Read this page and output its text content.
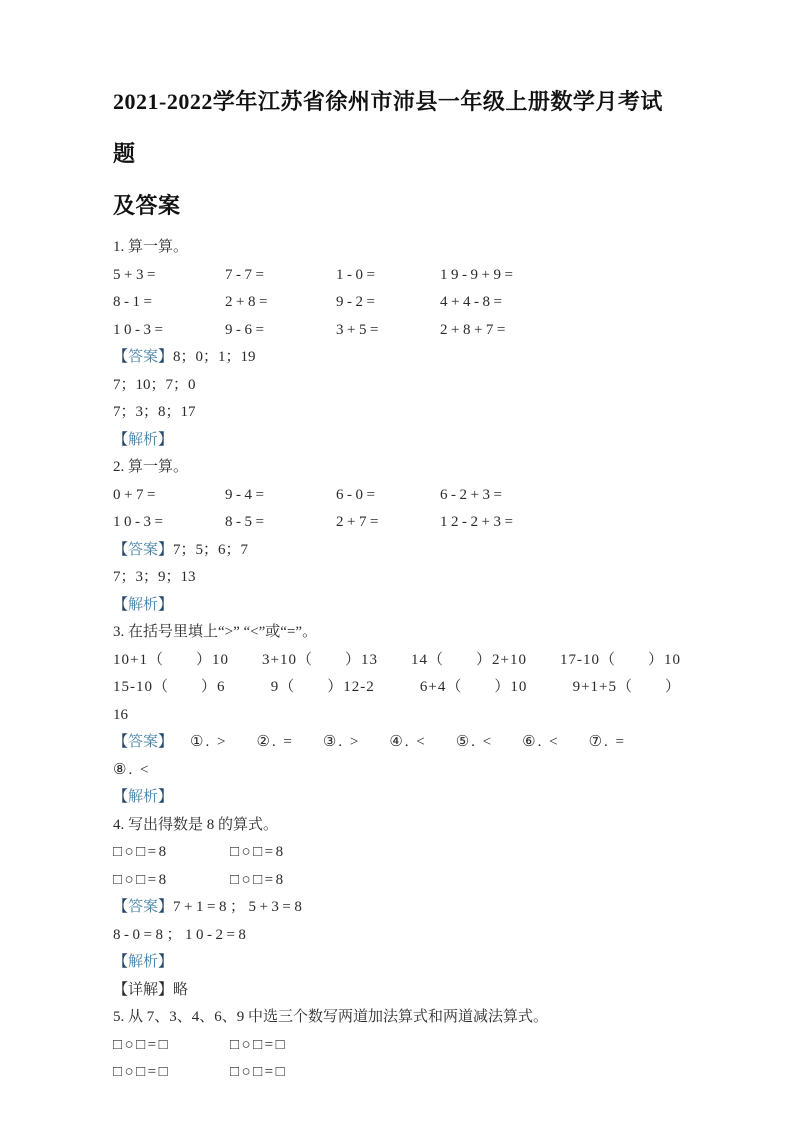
2021-2022学年江苏省徐州市沛县一年级上册数学月考试题
及答案
1. 算一算。
5+3=	7-7=	1-0=	19-9+9=
8-1=	2+8=	9-2=	4+4-8=
10-3=	9-6=	3+5=	2+8+7=
【答案】8；0；1；19
7；10；7；0
7；3；8；17
【解析】
2. 算一算。
0+7=	9-4=	6-0=	6-2+3=
10-3=	8-5=	2+7=	12-2+3=
【答案】7；5；6；7
7；3；9；13
【解析】
3. 在括号里填上“>” “<”或“=”。
10+1（　　）10 3+10（　　）13 14（　　）2+10 17-10（　　）10
15-10（　　）6	9（　　）12-2	6+4（　　）10	9+1+5（　　）
16
【答案】 ①. > ②. = ③. > ④. < ⑤. < ⑥. < ⑦. =
⑧. <
【解析】
4. 写出得数是 8 的算式。
□○□=8	□○□=8
□○□=8	□○□=8
【答案】7+1=8；5+3=8
8-0=8；10-2=8
【解析】
【详解】略
5. 从 7、3、4、6、9 中选三个数写两道加法算式和两道减法算式。
□○□=□	□○□=□
□○□=□	□○□=□
